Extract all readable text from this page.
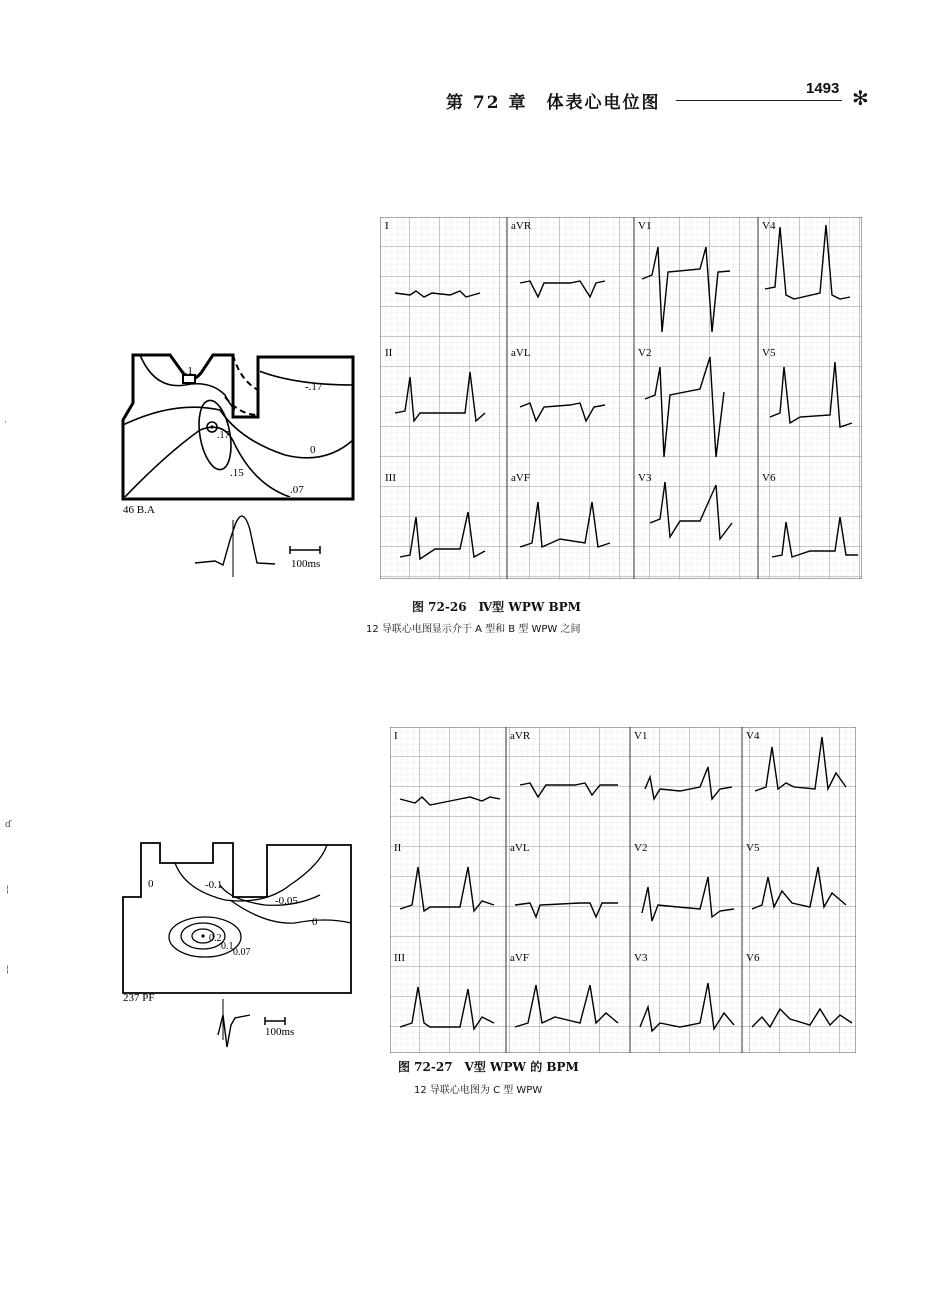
第 72 章　体表心电位图
1493 ✻
·
ɗ
¦
¦
-.1
-.17
.17
0
.15
.07
46 B.A
100ms
I	aVR	V1	V4
II	aVL	V2	V5
III	aVF	V3	V6
图 72-26　Ⅳ型 WPW BPM
12 导联心电图显示介于 A 型和 B 型 WPW 之间
0	-0.1
-0.05
0
0.2
0.1
0.07
237 PF
100ms
I	aVR	V1	V4
II	aVL	V2	V5
III	aVF	V3	V6
图 72-27　Ⅴ型 WPW 的 BPM
12 导联心电图为 C 型 WPW
